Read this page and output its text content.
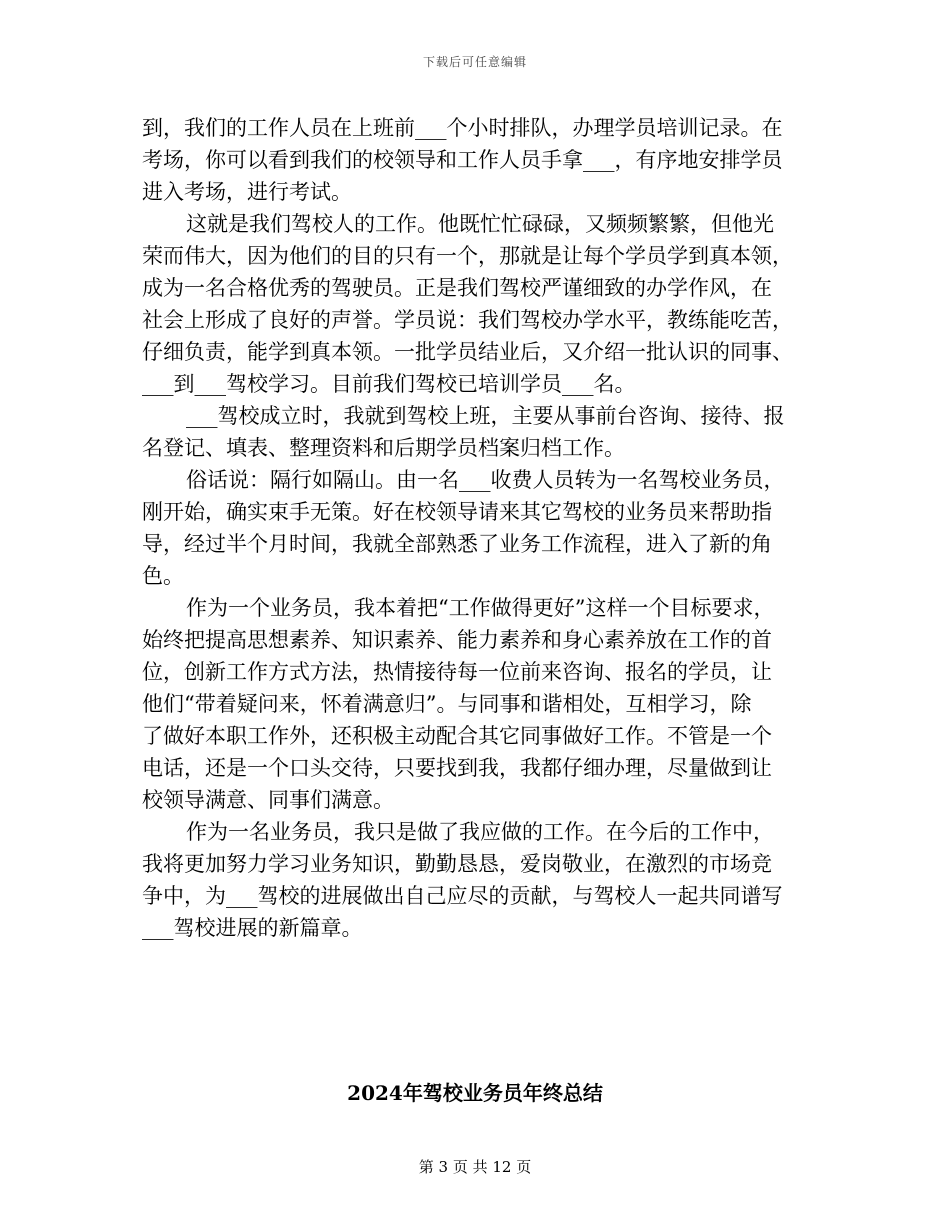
下载后可任意编辑

到，我们的工作人员在上班前___个小时排队，办理学员培训记录。在
考场，你可以看到我们的校领导和工作人员手拿___，有序地安排学员
进入考场，进行考试。

这就是我们驾校人的工作。他既忙忙碌碌，又频频繁繁，但他光
荣而伟大，因为他们的目的只有一个，那就是让每个学员学到真本领，
成为一名合格优秀的驾驶员。正是我们驾校严谨细致的办学作风，在
社会上形成了良好的声誉。学员说：我们驾校办学水平，教练能吃苦，
仔细负责，能学到真本领。一批学员结业后，又介绍一批认识的同事、
___到___驾校学习。目前我们驾校已培训学员___名。

___驾校成立时，我就到驾校上班，主要从事前台咨询、接待、报
名登记、填表、整理资料和后期学员档案归档工作。

俗话说：隔行如隔山。由一名___收费人员转为一名驾校业务员，
刚开始，确实束手无策。好在校领导请来其它驾校的业务员来帮助指
导，经过半个月时间，我就全部熟悉了业务工作流程，进入了新的角
色。

作为一个业务员，我本着把“工作做得更好”这样一个目标要求，
始终把提高思想素养、知识素养、能力素养和身心素养放在工作的首
位，创新工作方式方法，热情接待每一位前来咨询、报名的学员，让
他们“带着疑问来，怀着满意归”。与同事和谐相处，互相学习，除
了做好本职工作外，还积极主动配合其它同事做好工作。不管是一个
电话，还是一个口头交待，只要找到我，我都仔细办理，尽量做到让
校领导满意、同事们满意。

作为一名业务员，我只是做了我应做的工作。在今后的工作中，
我将更加努力学习业务知识，勤勤恳恳，爱岗敬业，在激烈的市场竞
争中，为___驾校的进展做出自己应尽的贡献，与驾校人一起共同谱写
___驾校进展的新篇章。

2024年驾校业务员年终总结
第 3 页 共 12 页
